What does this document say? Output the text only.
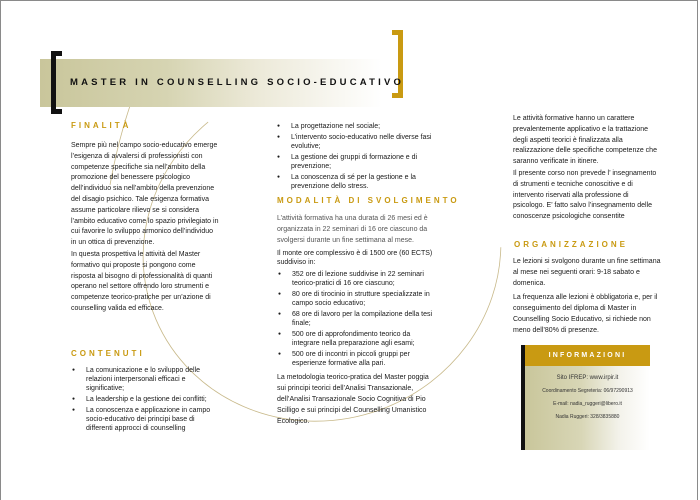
MASTER IN COUNSELLING SOCIO-EDUCATIVO
FINALITÀ

Sempre più nel campo socio-educativo emerge l’esigenza di avvalersi di professionisti con competenze specifiche sia nell’ambito della promozione del benessere psicologico dell’individuo sia nell’ambito della prevenzione del disagio psichico. Tale esigenza formativa assume particolare rilievo se si considera l’ambito educativo come lo spazio privilegiato in cui favorire lo sviluppo armonico dell’individuo in un ottica di prevenzione.

In questa prospettiva le attività del Master formativo qui proposte si pongono come risposta al bisogno di professionalità di quanti operano nel settore offrendo loro strumenti e competenze teorico-pratiche per un’azione di counselling valida ed efficace.

CONTENUTI
● La comunicazione e lo sviluppo delle relazioni interpersonali efficaci e significative;
● La leadership e la gestione dei conflitti;
● La conoscenza e applicazione in campo socio-educativo dei principi base di differenti approcci di counselling
● La progettazione nel sociale;
● L’intervento socio-educativo nelle diverse fasi evolutive;
● La gestione dei gruppi di formazione e di prevenzione;
● La conoscenza di sé per la gestione e la prevenzione dello stress.
MODALITÀ DI SVOLGIMENTO

L’attività formativa ha una durata di 26 mesi ed è organizzata in 22 seminari di 16 ore ciascuno da svolgersi durante un fine settimana al mese.

Il monte ore complessivo è di 1500 ore (60 ECTS) suddiviso in:

● 352 ore di lezione suddivise in 22 seminari teorico-pratici di 16 ore ciascuno;
● 80 ore di tirocinio in strutture specializzate in campo socio educativo;
● 68 ore di lavoro per la compilazione della tesi finale;
● 500 ore di approfondimento teorico da integrare nella preparazione agli esami;
● 500 ore di incontri in piccoli gruppi per esperienze formative alla pari.

La metodologia teorico-pratica del Master poggia sui principi teorici dell’Analisi Transazionale, dell’Analisi Transazionale Socio Cognitiva di Pio Scilligo e sui principi del Counselling Umanistico Ecologico.

Le attività formative hanno un carattere prevalentemente applicativo e la trattazione degli aspetti teorici è finalizzata alla realizzazione delle specifiche competenze che saranno verificate in itinere.

Il presente corso non prevede l’ insegnamento di strumenti e tecniche conoscitive e di intervento riservati alla professione di psicologo. E’ fatto salvo l’insegnamento delle conoscenze psicologiche consentite

ORGANIZZAZIONE

Le lezioni si svolgono durante un fine settimana al mese nei seguenti orari: 9-18 sabato e domenica.

La frequenza alle lezioni è obbligatoria e, per il conseguimento del diploma di Master in Counselling Socio Educativo, si richiede non meno dell’80% di presenze.

INFORMAZIONI
Sito IFREP: www.irpir.it
Coordinamento Segreteria: 06/97290913
E-mail: nadia_ruggeri@libero.it
Nadia Ruggeri: 328/3835880
